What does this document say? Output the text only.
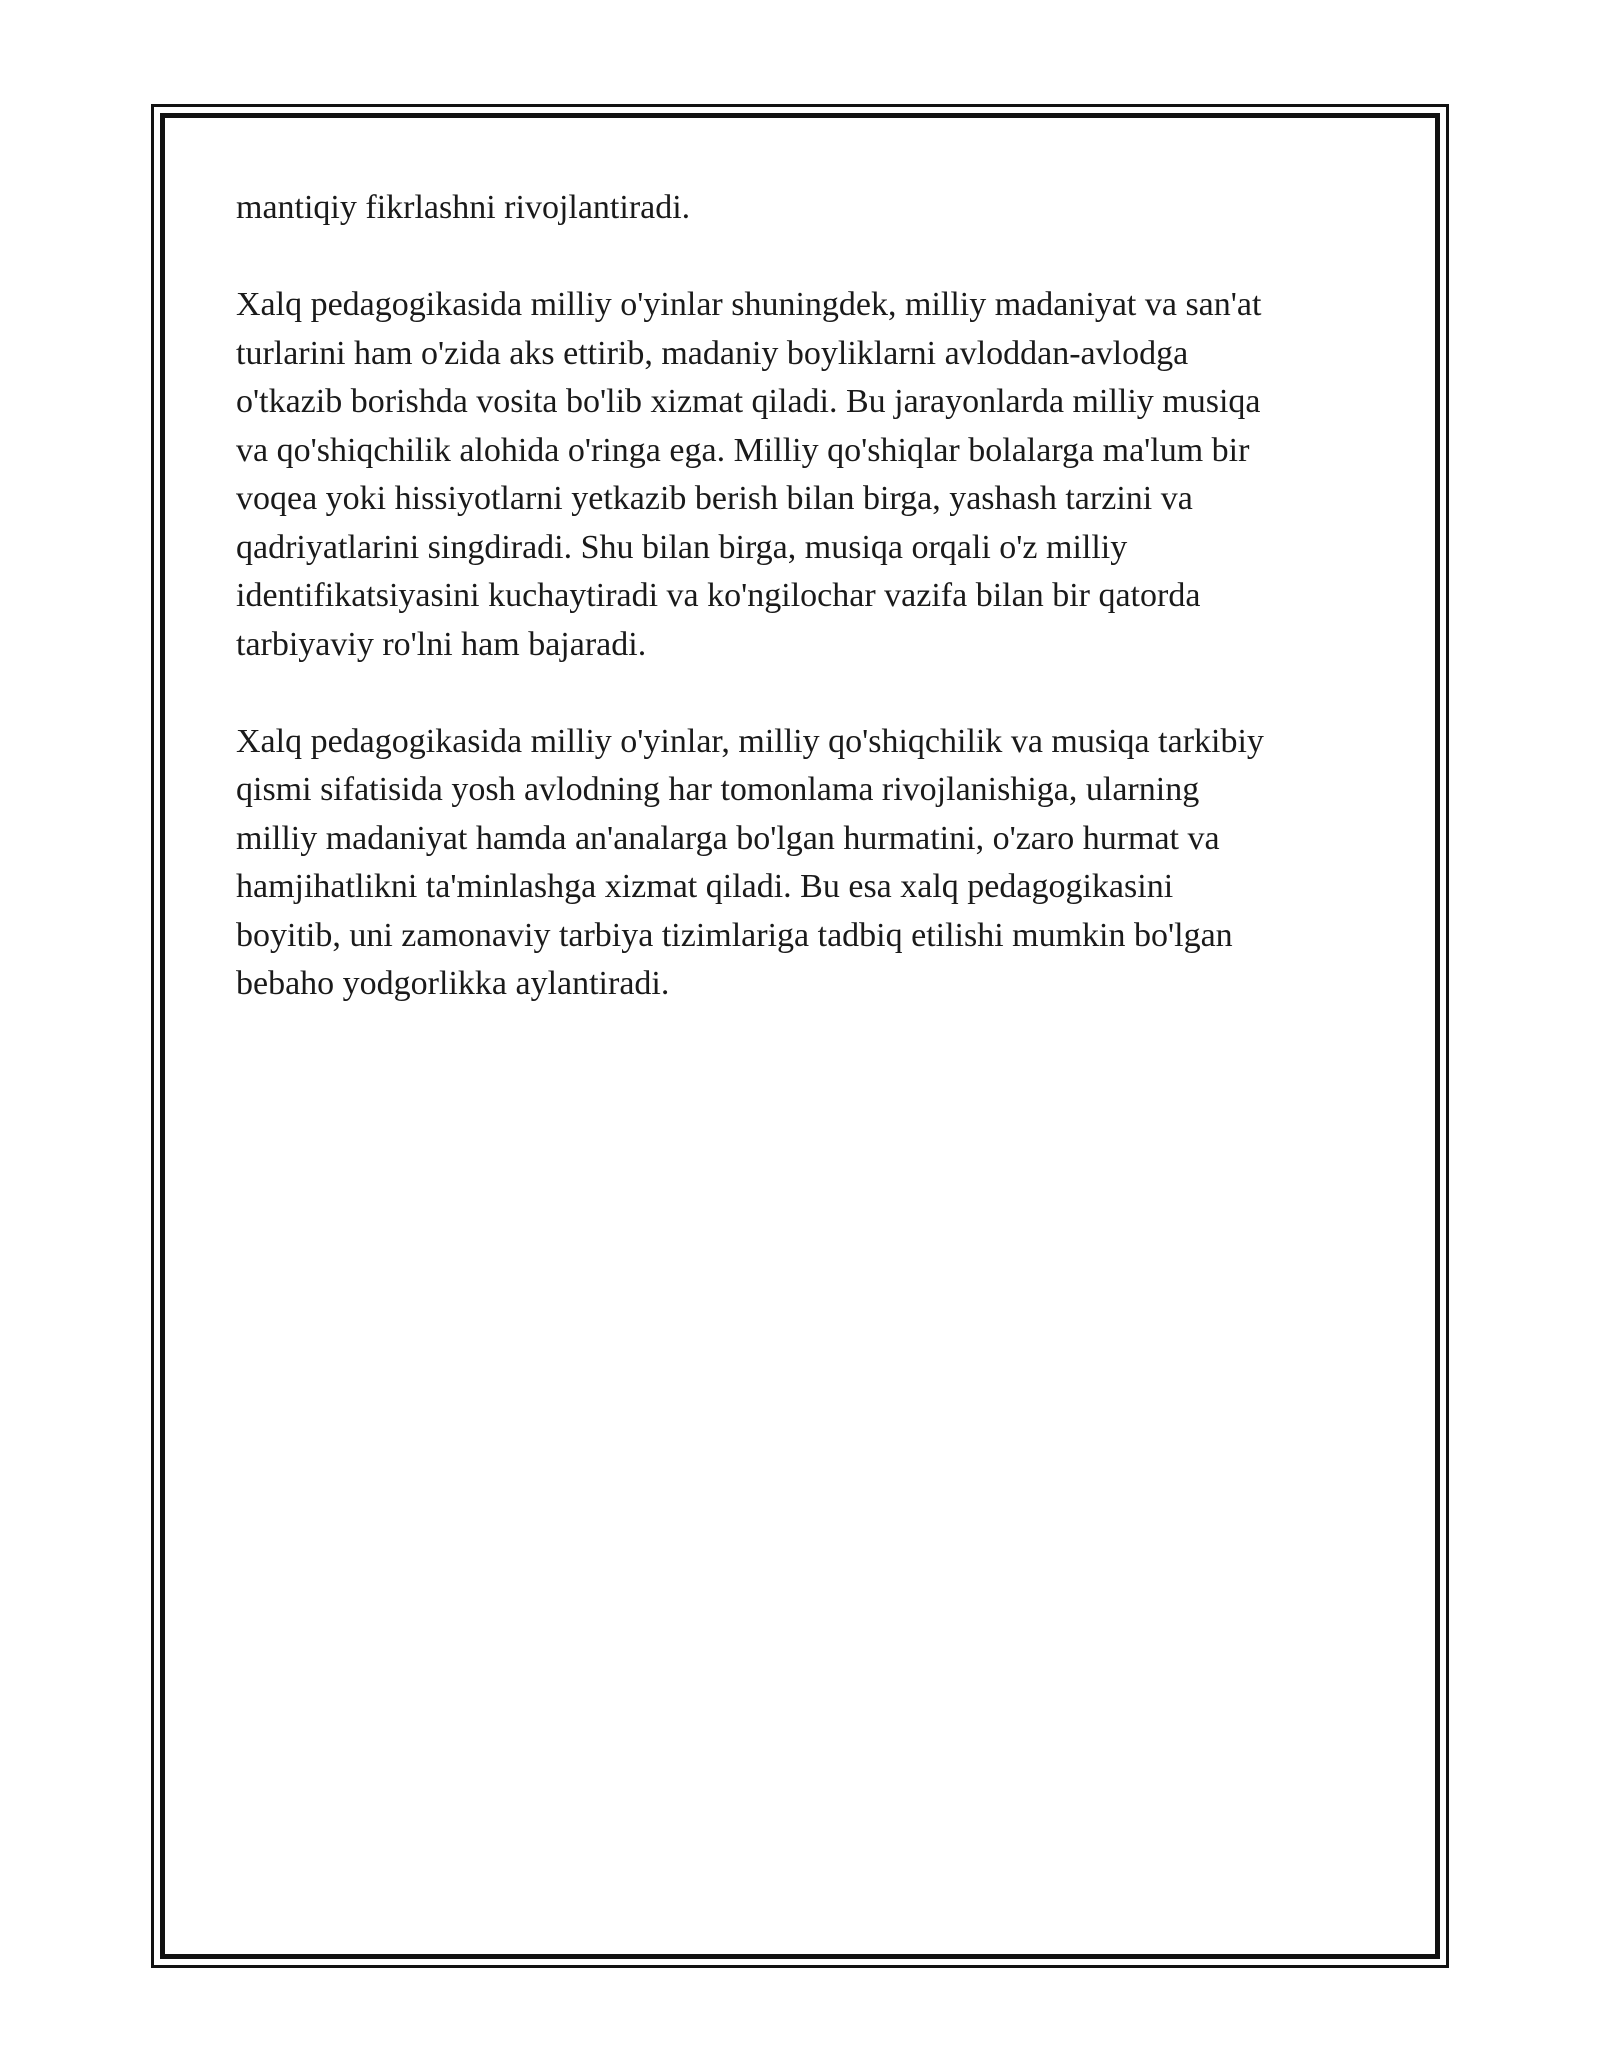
mantiqiy fikrlashni rivojlantiradi.

Xalq pedagogikasida milliy o'yinlar shuningdek, milliy madaniyat va san'at
turlarini ham o'zida aks ettirib, madaniy boyliklarni avloddan-avlodga
o'tkazib borishda vosita bo'lib xizmat qiladi. Bu jarayonlarda milliy musiqa
va qo'shiqchilik alohida o'ringa ega. Milliy qo'shiqlar bolalarga ma'lum bir
voqea yoki hissiyotlarni yetkazib berish bilan birga, yashash tarzini va
qadriyatlarini singdiradi. Shu bilan birga, musiqa orqali o'z milliy
identifikatsiyasini kuchaytiradi va ko'ngilochar vazifa bilan bir qatorda
tarbiyaviy ro'lni ham bajaradi.

Xalq pedagogikasida milliy o'yinlar, milliy qo'shiqchilik va musiqa tarkibiy
qismi sifatisida yosh avlodning har tomonlama rivojlanishiga, ularning
milliy madaniyat hamda an'analarga bo'lgan hurmatini, o'zaro hurmat va
hamjihatlikni ta'minlashga xizmat qiladi. Bu esa xalq pedagogikasini
boyitib, uni zamonaviy tarbiya tizimlariga tadbiq etilishi mumkin bo'lgan
bebaho yodgorlikka aylantiradi.
